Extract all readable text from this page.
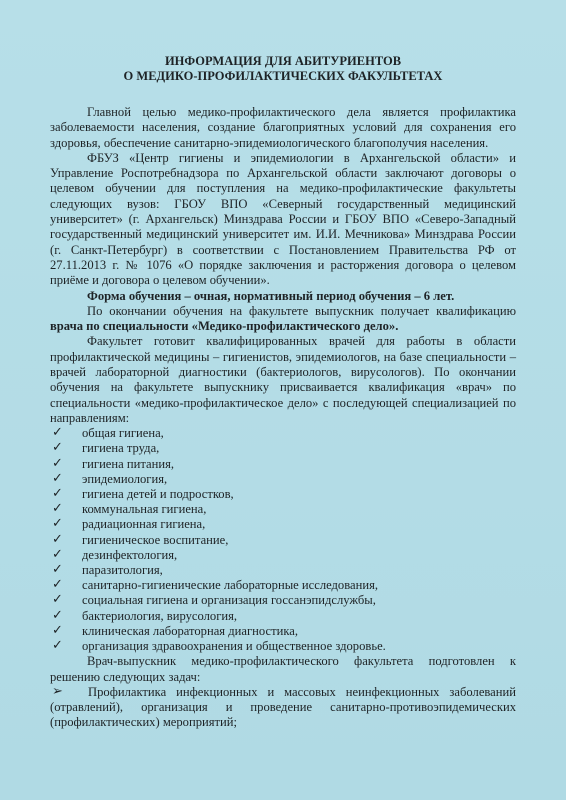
ИНФОРМАЦИЯ ДЛЯ АБИТУРИЕНТОВ
О МЕДИКО-ПРОФИЛАКТИЧЕСКИХ ФАКУЛЬТЕТАХ

Главной целью медико-профилактического дела является профилактика заболеваемости населения, создание благоприятных условий для сохранения его здоровья, обеспечение санитарно-эпидемиологического благополучия населения.

ФБУЗ «Центр гигиены и эпидемиологии в Архангельской области» и Управление Роспотребнадзора по Архангельской области заключают договоры о целевом обучении для поступления на медико-профилактические факультеты следующих вузов: ГБОУ ВПО «Северный государственный медицинский университет» (г. Архангельск) Минздрава России и ГБОУ ВПО «Северо-Западный государственный медицинский университет им. И.И. Мечникова» Минздрава России (г. Санкт-Петербург) в соответствии с Постановлением Правительства РФ от 27.11.2013 г. № 1076 «О порядке заключения и расторжения договора о целевом приёме и договора о целевом обучении».

Форма обучения – очная, нормативный период обучения – 6 лет.

По окончании обучения на факультете выпускник получает квалификацию врача по специальности «Медико-профилактического дело».

Факультет готовит квалифицированных врачей для работы в области профилактической медицины – гигиенистов, эпидемиологов, на базе специальности – врачей лабораторной диагностики (бактериологов, вирусологов). По окончании обучения на факультете выпускнику присваивается квалификация «врач» по специальности «медико-профилактическое дело» с последующей специализацией по направлениям:

✓ общая гигиена,
✓ гигиена труда,
✓ гигиена питания,
✓ эпидемиология,
✓ гигиена детей и подростков,
✓ коммунальная гигиена,
✓ радиационная гигиена,
✓ гигиеническое воспитание,
✓ дезинфектология,
✓ паразитология,
✓ санитарно-гигиенические лабораторные исследования,
✓ социальная гигиена и организация госсанэпидслужбы,
✓ бактериология, вирусология,
✓ клиническая лабораторная диагностика,
✓ организация здравоохранения и общественное здоровье.

Врач-выпускник медико-профилактического факультета подготовлен к решению следующих задач:

➢ Профилактика инфекционных и массовых неинфекционных заболеваний (отравлений), организация и проведение санитарно-противоэпидемических (профилактических) мероприятий;
